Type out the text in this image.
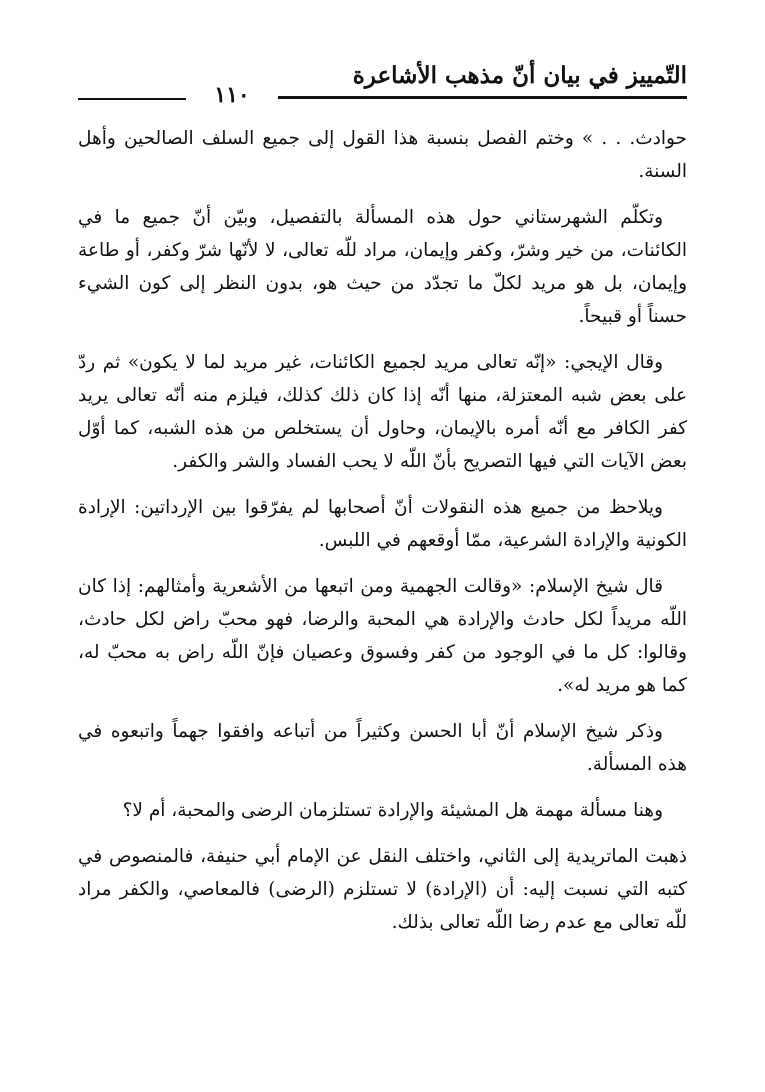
التّمييز في بيان أنّ مذهب الأشاعرة
١١٠

حوادث. . . » وختم الفصل بنسبة هذا القول إلى جميع السلف الصالحين وأهل السنة.

وتكلّم الشهرستاني حول هذه المسألة بالتفصيل، وبيّن أنّ جميع ما في الكائنات، من خير وشرّ، وكفر وإيمان، مراد للّه تعالى، لا لأنّها شرّ وكفر، أو طاعة وإيمان، بل هو مريد لكلّ ما تجدّد من حيث هو، بدون النظر إلى كون الشيء حسناً أو قبيحاً.

وقال الإيجي: «إنّه تعالى مريد لجميع الكائنات، غير مريد لما لا يكون» ثم ردّ على بعض شبه المعتزلة، منها أنّه إذا كان ذلك كذلك، فيلزم منه أنّه تعالى يريد كفر الكافر مع أنّه أمره بالإيمان، وحاول أن يستخلص من هذه الشبه، كما أوّل بعض الآيات التي فيها التصريح بأنّ اللّه لا يحب الفساد والشر والكفر.

ويلاحظ من جميع هذه النقولات أنّ أصحابها لم يفرّقوا بين الإرداتين: الإرادة الكونية والإرادة الشرعية، ممّا أوقعهم في اللبس.

قال شيخ الإسلام: «وقالت الجهمية ومن اتبعها من الأشعرية وأمثالهم: إذا كان اللّه مريداً لكل حادث والإرادة هي المحبة والرضا، فهو محبّ راض لكل حادث، وقالوا: كل ما في الوجود من كفر وفسوق وعصيان فإنّ اللّه راض به محبّ له، كما هو مريد له».

وذكر شيخ الإسلام أنّ أبا الحسن وكثيراً من أتباعه وافقوا جهماً واتبعوه في هذه المسألة.

وهنا مسألة مهمة هل المشيئة والإرادة تستلزمان الرضى والمحبة، أم لا؟

ذهبت الماتريدية إلى الثاني، واختلف النقل عن الإمام أبي حنيفة، فالمنصوص في كتبه التي نسبت إليه: أن (الإرادة) لا تستلزم (الرضى) فالمعاصي، والكفر مراد للّه تعالى مع عدم رضا اللّه تعالى بذلك.
